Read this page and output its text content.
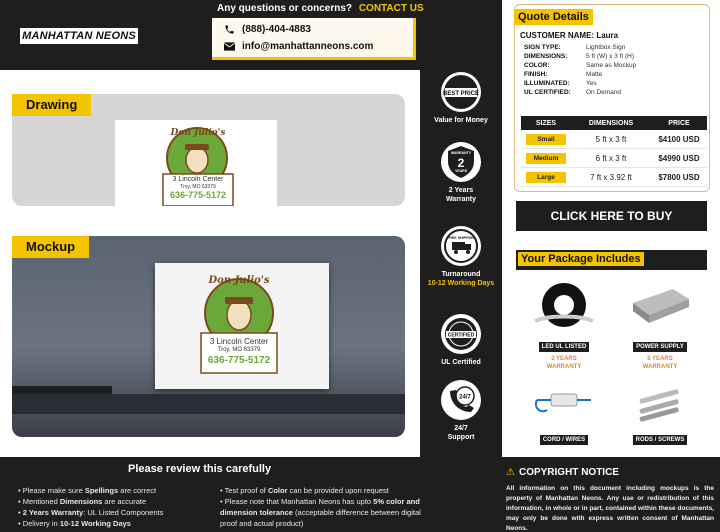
MANHATTAN NEONS
Any questions or concerns? CONTACT US
(888)-404-4883
info@manhattanneons.com
Drawing
Don Julio's
3 Lincoln Center
Troy, MO 63379
636-775-5172
Mockup
Don Julio's
3 Lincoln Center
Troy, MO 63379
636-775-5172
BEST PRICE
Value for Money
WARRANTY
2
YEARS
2 Years
Warranty
FREE SHIPPING
Turnaround
10-12 Working Days
CERTIFIED
UL Certified
24/7
24/7
Support
Quote Details
CUSTOMER NAME: Laura
SIGN TYPE:	Lightbox Sign
DIMENSIONS:	5 ft (W) x 3 ft (H)
COLOR:	Same as Mockup
FINISH:	Matte
ILLUMINATED:	Yes
UL CERTIFIED: On Demand
SIZES	DIMENSIONS	PRICE
Small	5 ft x 3 ft	$4100 USD
Medium	6 ft x 3 ft	$4990 USD
Large	7 ft x 3.92 ft	$7800 USD
CLICK HERE TO BUY
Your Package Includes
LED UL LISTED
2 YEARS
WARRANTY
POWER SUPPLY
5 YEARS
WARRANTY
CORD / WIRES	RODS / SCREWS
Please review this carefully
• Please make sure Spellings are correct
• Mentioned Dimensions are accurate
• 2 Years Warranty: UL Listed Components
• Delivery in 10-12 Working Days
• Test proof of Color can be provided upon request
• Please note that Manhattan Neons has upto 5% color and dimension tolerance (acceptable difference between digital proof and actual product)
⚠ COPYRIGHT NOTICE
All information on this document including mockups is the property of Manhattan Neons. Any use or redistribution of this information, in whole or in part, contained within these documents, may only be done with express written consent of Manhattan Neons.
